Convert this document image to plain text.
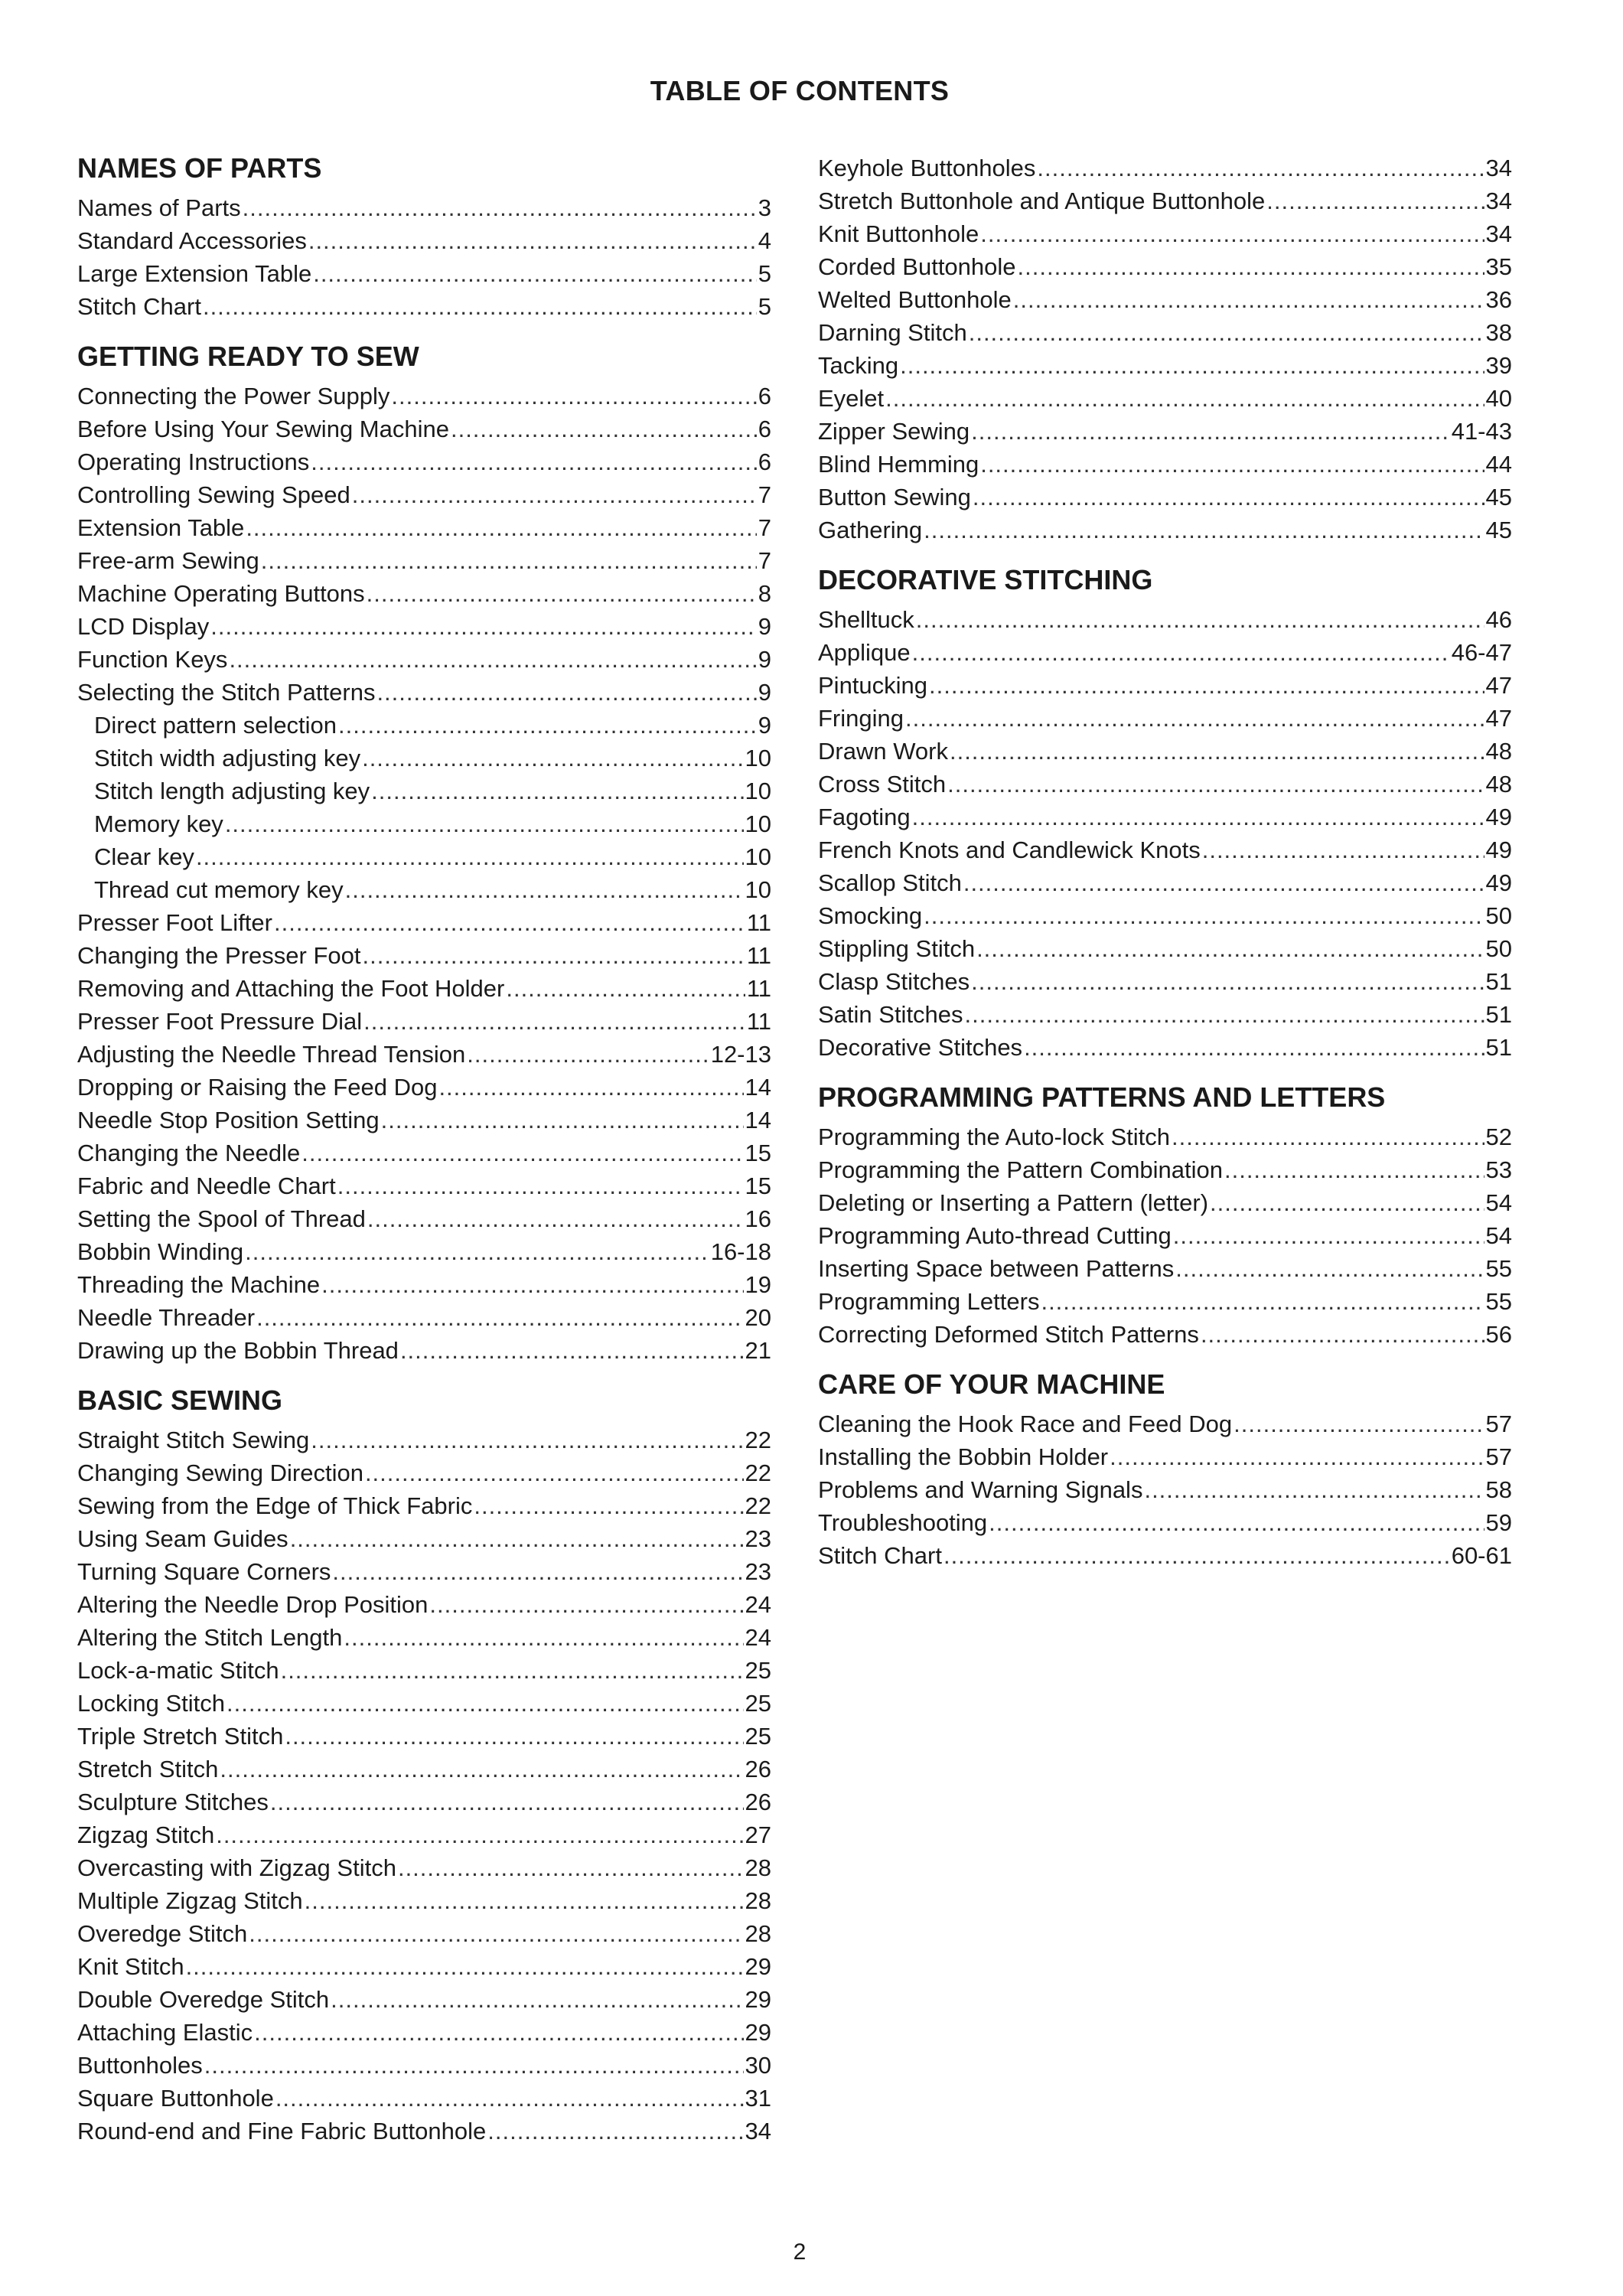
TABLE OF CONTENTS
NAMES OF PARTS
Names of Parts .....	3
Standard Accessories .....	4
Large Extension Table .....	5
Stitch Chart .....	5
GETTING READY TO SEW
Connecting the Power Supply .....	6
Before Using Your Sewing Machine .....	6
Operating Instructions .....	6
Controlling Sewing Speed .....	7
Extension Table .....	7
Free-arm Sewing .....	7
Machine Operating Buttons .....	8
LCD Display .....	9
Function Keys .....	9
Selecting the Stitch Patterns .....	9
Direct pattern selection .....	9
Stitch width adjusting key .....	10
Stitch length adjusting key .....	10
Memory key .....	10
Clear key .....	10
Thread cut memory key .....	10
Presser Foot Lifter .....	11
Changing the Presser Foot .....	11
Removing and Attaching the Foot Holder .....	11
Presser Foot Pressure Dial .....	11
Adjusting the Needle Thread Tension .....	12-13
Dropping or Raising the Feed Dog .....	14
Needle Stop Position Setting .....	14
Changing the Needle .....	15
Fabric and Needle Chart .....	15
Setting the Spool of Thread .....	16
Bobbin Winding .....	16-18
Threading the Machine .....	19
Needle Threader .....	20
Drawing up the Bobbin Thread .....	21
BASIC SEWING
Straight Stitch Sewing .....	22
Changing Sewing Direction .....	22
Sewing from the Edge of Thick Fabric .....	22
Using Seam Guides .....	23
Turning Square Corners .....	23
Altering the Needle Drop Position .....	24
Altering the Stitch Length .....	24
Lock-a-matic Stitch .....	25
Locking Stitch .....	25
Triple Stretch Stitch .....	25
Stretch Stitch .....	26
Sculpture Stitches .....	26
Zigzag Stitch .....	27
Overcasting with Zigzag Stitch .....	28
Multiple Zigzag Stitch .....	28
Overedge Stitch .....	28
Knit Stitch .....	29
Double Overedge Stitch .....	29
Attaching Elastic .....	29
Buttonholes .....	30
Square Buttonhole .....	31
Round-end and Fine Fabric Buttonhole .....	34
Keyhole Buttonholes .....	34
Stretch Buttonhole and Antique Buttonhole .....	34
Knit Buttonhole .....	34
Corded Buttonhole .....	35
Welted Buttonhole .....	36
Darning Stitch .....	38
Tacking .....	39
Eyelet .....	40
Zipper Sewing .....	41-43
Blind Hemming .....	44
Button Sewing .....	45
Gathering .....	45
DECORATIVE STITCHING
Shelltuck .....	46
Applique .....	46-47
Pintucking .....	47
Fringing .....	47
Drawn Work .....	48
Cross Stitch .....	48
Fagoting .....	49
French Knots and Candlewick Knots .....	49
Scallop Stitch .....	49
Smocking .....	50
Stippling Stitch .....	50
Clasp Stitches .....	51
Satin Stitches .....	51
Decorative Stitches .....	51
PROGRAMMING PATTERNS AND LETTERS
Programming the Auto-lock Stitch .....	52
Programming the Pattern Combination .....	53
Deleting or Inserting a Pattern (letter) .....	54
Programming Auto-thread Cutting .....	54
Inserting Space between Patterns .....	55
Programming Letters .....	55
Correcting Deformed Stitch Patterns .....	56
CARE OF YOUR MACHINE
Cleaning the Hook Race and Feed Dog .....	57
Installing the Bobbin Holder .....	57
Problems and Warning Signals .....	58
Troubleshooting .....	59
Stitch Chart .....	60-61
2
